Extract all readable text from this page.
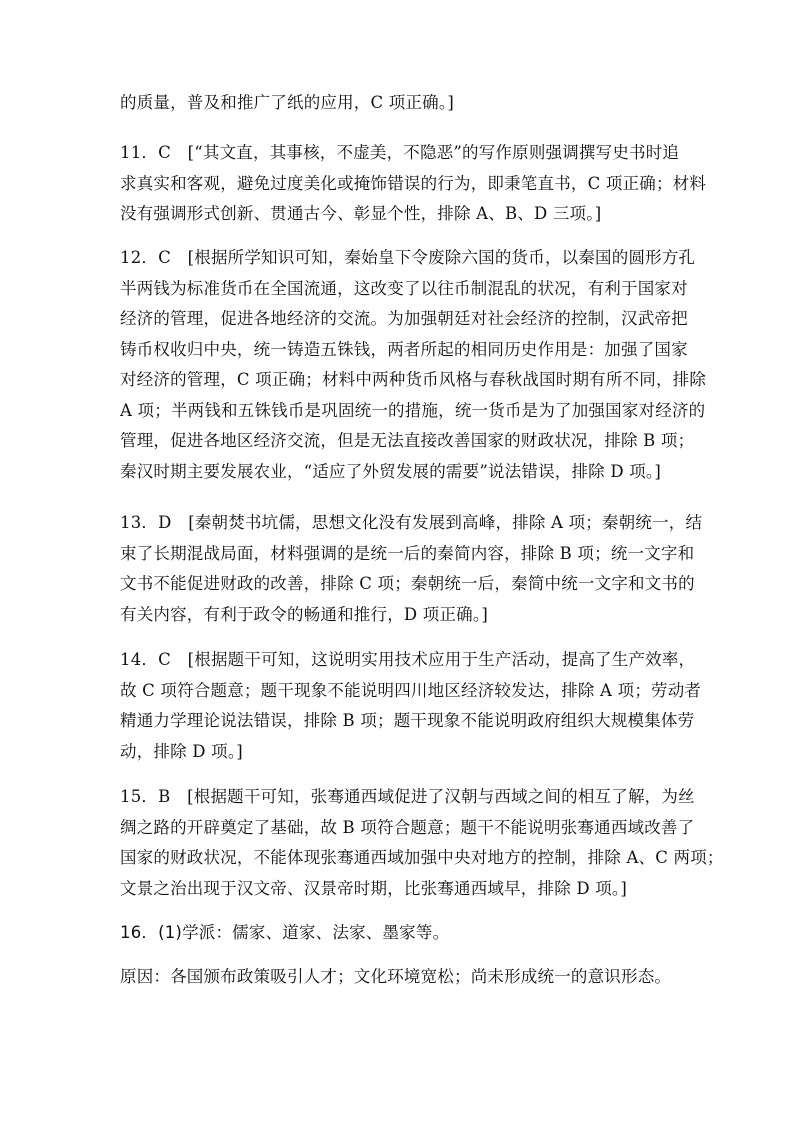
的质量，普及和推广了纸的应用，C 项正确。]
11．C　[“其文直，其事核，不虚美，不隐恶”的写作原则强调撰写史书时追
求真实和客观，避免过度美化或掩饰错误的行为，即秉笔直书，C 项正确；材料
没有强调形式创新、贯通古今、彰显个性，排除 A、B、D 三项。]
12．C　[根据所学知识可知，秦始皇下令废除六国的货币，以秦国的圆形方孔
半两钱为标准货币在全国流通，这改变了以往币制混乱的状况，有利于国家对
经济的管理，促进各地经济的交流。为加强朝廷对社会经济的控制，汉武帝把
铸币权收归中央，统一铸造五铢钱，两者所起的相同历史作用是：加强了国家
对经济的管理，C 项正确；材料中两种货币风格与春秋战国时期有所不同，排除
A 项；半两钱和五铢钱币是巩固统一的措施，统一货币是为了加强国家对经济的
管理，促进各地区经济交流，但是无法直接改善国家的财政状况，排除 B 项；
秦汉时期主要发展农业，“适应了外贸发展的需要”说法错误，排除 D 项。]
13．D　[秦朝焚书坑儒，思想文化没有发展到高峰，排除 A 项；秦朝统一，结
束了长期混战局面，材料强调的是统一后的秦简内容，排除 B 项；统一文字和
文书不能促进财政的改善，排除 C 项；秦朝统一后，秦简中统一文字和文书的
有关内容，有利于政令的畅通和推行，D 项正确。]
14．C　[根据题干可知，这说明实用技术应用于生产活动，提高了生产效率，
故 C 项符合题意；题干现象不能说明四川地区经济较发达，排除 A 项；劳动者
精通力学理论说法错误，排除 B 项；题干现象不能说明政府组织大规模集体劳
动，排除 D 项。]
15．B　[根据题干可知，张骞通西域促进了汉朝与西域之间的相互了解，为丝
绸之路的开辟奠定了基础，故 B 项符合题意；题干不能说明张骞通西域改善了
国家的财政状况，不能体现张骞通西域加强中央对地方的控制，排除 A、C 两项；
文景之治出现于汉文帝、汉景帝时期，比张骞通西域早，排除 D 项。]
16．(1)学派：儒家、道家、法家、墨家等。
原因：各国颁布政策吸引人才；文化环境宽松；尚未形成统一的意识形态。
